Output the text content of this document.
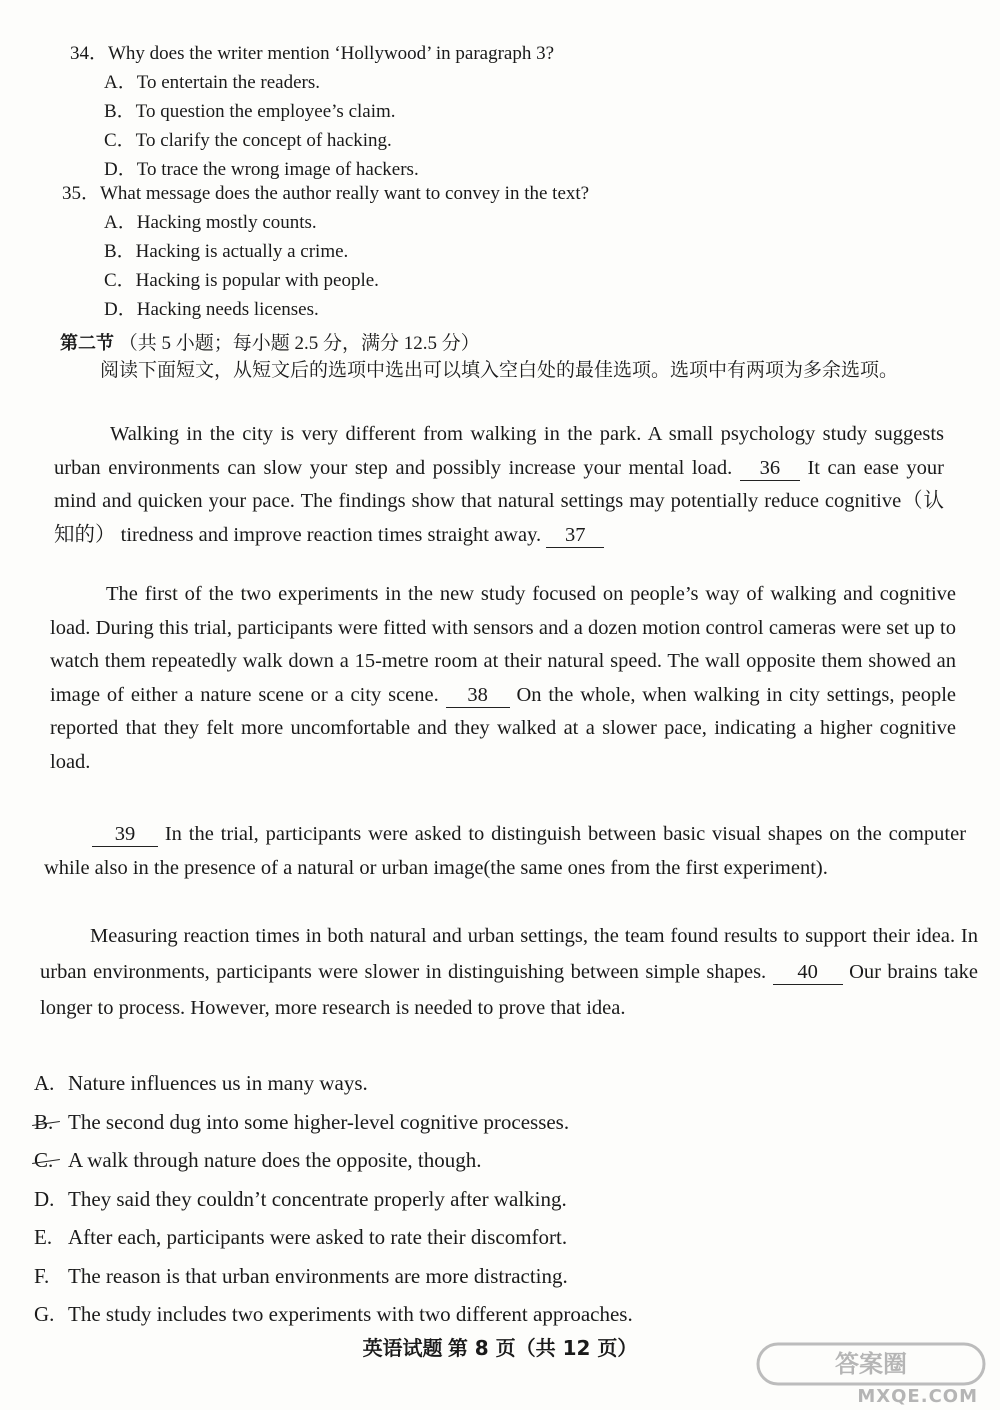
34．Why does the writer mention ‘Hollywood’ in paragraph 3?
A．To entertain the readers.
B．To question the employee’s claim.
C．To clarify the concept of hacking.
D．To trace the wrong image of hackers.
35．What message does the author really want to convey in the text?
A．Hacking mostly counts.
B．Hacking is actually a crime.
C．Hacking is popular with people.
D．Hacking needs licenses.
第二节 （共 5 小题；每小题 2.5 分，满分 12.5 分）
阅读下面短文，从短文后的选项中选出可以填入空白处的最佳选项。选项中有两项为多余选项。
Walking in the city is very different from walking in the park. A small psychology study suggests urban environments can slow your step and possibly increase your mental load. 36 It can ease your mind and quicken your pace. The findings show that natural settings may potentially reduce cognitive（认知的） tiredness and improve reaction times straight away. 37
The first of the two experiments in the new study focused on people’s way of walking and cognitive load. During this trial, participants were fitted with sensors and a dozen motion control cameras were set up to watch them repeatedly walk down a 15-metre room at their natural speed. The wall opposite them showed an image of either a nature scene or a city scene. 38 On the whole, when walking in city settings, people reported that they felt more uncomfortable and they walked at a slower pace, indicating a higher cognitive load.
39 In the trial, participants were asked to distinguish between basic visual shapes on the computer while also in the presence of a natural or urban image(the same ones from the first experiment).
Measuring reaction times in both natural and urban settings, the team found results to support their idea. In urban environments, participants were slower in distinguishing between simple shapes. 40 Our brains take longer to process. However, more research is needed to prove that idea.
A. Nature influences us in many ways.
B. The second dug into some higher-level cognitive processes.
C. A walk through nature does the opposite, though.
D. They said they couldn’t concentrate properly after walking.
E. After each, participants were asked to rate their discomfort.
F. The reason is that urban environments are more distracting.
G. The study includes two experiments with two different approaches.
英语试题 第 8 页（共 12 页）
答案圈
MXQE.COM
